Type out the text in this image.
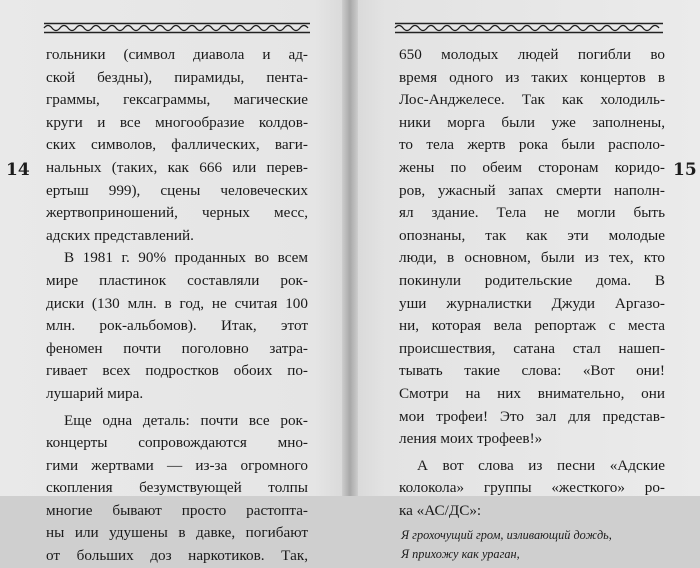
14
гольники (символ диавола и ад-
ской бездны), пирамиды, пента-
граммы, гексаграммы, магические
круги и все многообразие колдов-
ских символов, фаллических, ваги-
нальных (таких, как 666 или перев-
ертыш 999), сцены человеческих
жертвоприношений, черных месс,
адских представлений.
В 1981 г. 90% проданных во всем
мире пластинок составляли рок-
диски (130 млн. в год, не считая 100
млн. рок-альбомов). Итак, этот
феномен почти поголовно затра-
гивает всех подростков обоих по-
лушарий мира.
Еще одна деталь: почти все рок-
концерты сопровождаются мно-
гими жертвами — из-за огромного
скопления безумствующей толпы
многие бывают просто растопта-
ны или удушены в давке, погибают
от больших доз наркотиков. Так,
15
650 молодых людей погибли во
время одного из таких концертов в
Лос-Анджелесе. Так как холодиль-
ники морга были уже заполнены,
то тела жертв рока были располо-
жены по обеим сторонам коридо-
ров, ужасный запах смерти наполн-
ял здание. Тела не могли быть
опознаны, так как эти молодые
люди, в основном, были из тех, кто
покинули родительские дома. В
уши журналистки Джуди Аргазо-
ни, которая вела репортаж с места
происшествия, сатана стал нашеп-
тывать такие слова: «Вот они!
Смотри на них внимательно, они
мои трофеи! Это зал для представ-
ления моих трофеев!»
А вот слова из песни «Адские
колокола» группы «жесткого» ро-
ка «АС/ДС»:
Я грохочущий гром, изливающий дождь,
Я прихожу как ураган,
